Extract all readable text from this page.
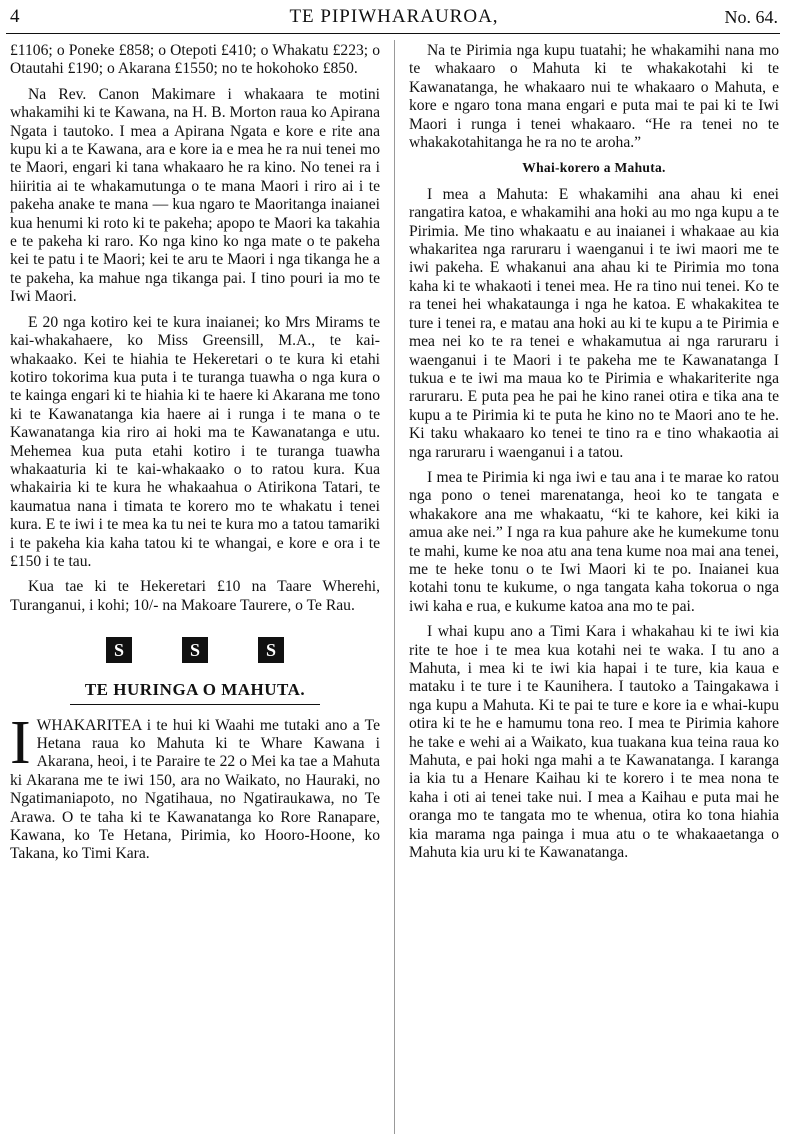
4	TE PIPIWHARAUROA,	No. 64.

£1106; o Poneke £858; o Otepoti £410; o Whakatu £223; o Otautahi £190; o Akarana £1550; no te hokohoko £850.

Na Rev. Canon Makimare i whakaara te motini whakamihi ki te Kawana, na H. B. Morton raua ko Apirana Ngata i tautoko. I mea a Apirana Ngata e kore e rite ana kupu ki a te Kawana, ara e kore ia e mea he ra nui tenei mo te Maori, engari ki tana whakaaro he ra kino. No tenei ra i hiiritia ai te whakamutunga o te mana Maori i riro ai i te pakeha anake te mana — kua ngaro te Maoritanga inaianei kua henumi ki roto ki te pakeha; apopo te Maori ka takahia e te pakeha ki raro. Ko nga kino ko nga mate o te pakeha kei te patu i te Maori; kei te aru te Maori i nga tikanga he a te pakeha, ka mahue nga tikanga pai. I tino pouri ia mo te Iwi Maori.

E 20 nga kotiro kei te kura inaianei; ko Mrs Mirams te kai-whakahaere, ko Miss Greensill, M.A., te kai-whakaako. Kei te hiahia te Hekeretari o te kura ki etahi kotiro tokorima kua puta i te turanga tuawha o nga kura o te kainga engari ki te hiahia ki te haere ki Akarana me tono ki te Kawanatanga kia haere ai i runga i te mana o te Kawanatanga kia riro ai hoki ma te Kawanatanga e utu. Mehemea kua puta etahi kotiro i te turanga tuawha whakaaturia ki te kai-whakaako o to ratou kura. Kua whakairia ki te kura he whakaahua o Atirikona Tatari, te kaumatua nana i timata te korero mo te whakatu i tenei kura. E te iwi i te mea ka tu nei te kura mo a tatou tamariki i te pakeha kia kaha tatou ki te whangai, e kore e ora i te £150 i te tau.

Kua tae ki te Hekeretari £10 na Taare Wherehi, Turanganui, i kohi; 10/- na Makoare Taurere, o Te Rau.

S	S	S
TE HURINGA O MAHUTA.

IWHAKARITEA i te hui ki Waahi me tutaki ano a Te Hetana raua ko Mahuta ki te Whare Kawana i Akarana, heoi, i te Paraire te 22 o Mei ka tae a Mahuta ki Akarana me te iwi 150, ara no Waikato, no Hauraki, no Ngatimaniapoto, no Ngatihaua, no Ngatiraukawa, no Te Arawa. O te taha ki te Kawanatanga ko Rore Ranapare, Kawana, ko Te Hetana, Pirimia, ko Hooro-Hoone, ko Takana, ko Timi Kara.

Na te Pirimia nga kupu tuatahi; he whakamihi nana mo te whakaaro o Mahuta ki te whakakotahi ki te Kawanatanga, he whakaaro nui te whakaaro o Mahuta, e kore e ngaro tona mana engari e puta mai te pai ki te Iwi Maori i runga i tenei whakaaro. “He ra tenei no te whakakotahitanga he ra no te aroha.”

Whai-korero a Mahuta.

I mea a Mahuta: E whakamihi ana ahau ki enei rangatira katoa, e whakamihi ana hoki au mo nga kupu a te Pirimia. Me tino whakaatu e au inaianei i whakaae au kia whakaritea nga raruraru i waenganui i te iwi maori me te iwi pakeha. E whakanui ana ahau ki te Pirimia mo tona kaha ki te whakaoti i tenei mea. He ra tino nui tenei. Ko te ra tenei hei whakataunga i nga he katoa. E whakakitea te ture i tenei ra, e matau ana hoki au ki te kupu a te Pirimia e mea nei ko te ra tenei e whakamutua ai nga raruraru i waenganui i te Maori i te pakeha me te Kawanatanga I tukua e te iwi ma maua ko te Pirimia e whakariterite nga raruraru. E puta pea he pai he kino ranei otira e tika ana te kupu a te Pirimia ki te puta he kino no te Maori ano te he. Ki taku whakaaro ko tenei te tino ra e tino whakaotia ai nga raruraru i waenganui i a tatou.

I mea te Pirimia ki nga iwi e tau ana i te marae ko ratou nga pono o tenei marenatanga, heoi ko te tangata e whakakore ana me whakaatu, “ki te kahore, kei kiki ia amua ake nei.” I nga ra kua pahure ake he kumekume tonu te mahi, kume ke noa atu ana tena kume noa mai ana tenei, me te heke tonu o te Iwi Maori ki te po. Inaianei kua kotahi tonu te kukume, o nga tangata kaha tokorua o nga iwi kaha e rua, e kukume katoa ana mo te pai.

I whai kupu ano a Timi Kara i whakahau ki te iwi kia rite te hoe i te mea kua kotahi nei te waka. I tu ano a Mahuta, i mea ki te iwi kia hapai i te ture, kia kaua e mataku i te ture i te Kaunihera. I tautoko a Taingakawa i nga kupu a Mahuta. Ki te pai te ture e kore ia e whai-kupu otira ki te he e hamumu tona reo. I mea te Pirimia kahore he take e wehi ai a Waikato, kua tuakana kua teina raua ko Mahuta, e pai hoki nga mahi a te Kawanatanga. I karanga ia kia tu a Henare Kaihau ki te korero i te mea nona te kaha i oti ai tenei take nui. I mea a Kaihau e puta mai he oranga mo te tangata mo te whenua, otira ko tona hiahia kia marama nga painga i mua atu o te whakaaetanga o Mahuta kia uru ki te Kawanatanga.
